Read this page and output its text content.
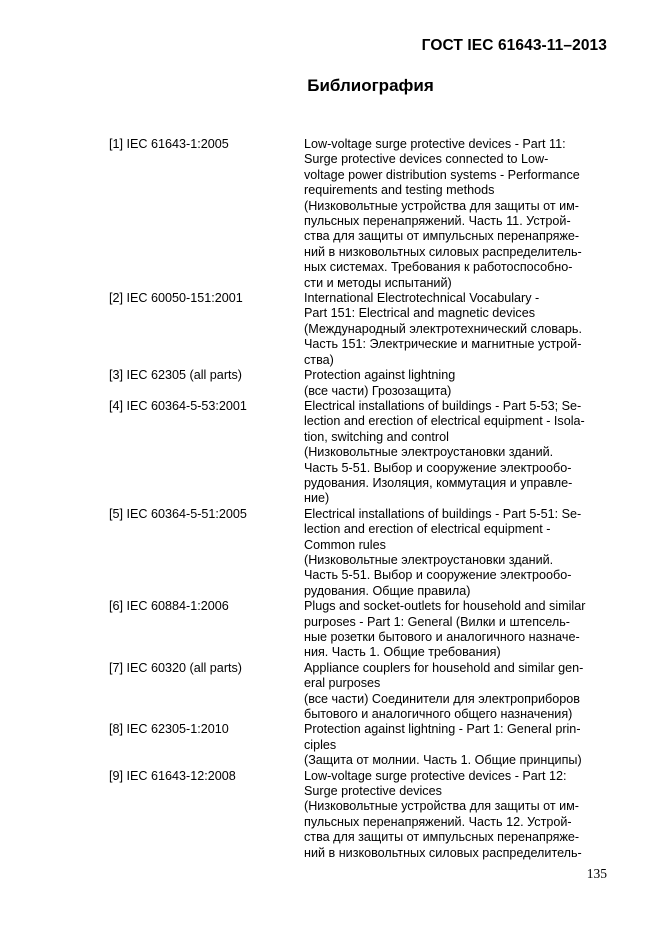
ГОСТ IEC 61643-11–2013
Библиография
[1] IEC 61643-1:2005	Low-voltage surge protective devices - Part 11:
Surge protective devices connected to Low-
voltage power distribution systems - Performance
requirements and testing methods
(Низковольтные устройства для защиты от им-
пульсных перенапряжений. Часть 11. Устрой-
ства для защиты от импульсных перенапряже-
ний в низковольтных силовых распределитель-
ных системах. Требования к работоспособно-
сти и методы испытаний)
[2] IEC 60050-151:2001	International Electrotechnical Vocabulary -
Part 151: Electrical and magnetic devices
(Международный электротехнический словарь.
Часть 151: Электрические и магнитные устрой-
ства)
[3] IEC 62305 (all parts)	Protection against lightning
(все части) Грозозащита)
[4] IEC 60364-5-53:2001	Electrical installations of buildings - Part 5-53; Se-
lection and erection of electrical equipment - Isola-
tion, switching and control
(Низковольтные электроустановки зданий.
Часть 5-51. Выбор и сооружение электрообо-
рудования. Изоляция, коммутация и управле-
ние)
[5] IEC 60364-5-51:2005	Electrical installations of buildings - Part 5-51: Se-
lection and erection of electrical equipment -
Common rules
(Низковольтные электроустановки зданий.
Часть 5-51. Выбор и сооружение электрообо-
рудования. Общие правила)
[6] IEC 60884-1:2006	Plugs and socket-outlets for household and similar
purposes - Part 1: General (Вилки и штепсель-
ные розетки бытового и аналогичного назначе-
ния. Часть 1. Общие требования)
[7] IEC 60320 (all parts)	Appliance couplers for household and similar gen-
eral purposes
(все части) Соединители для электроприборов
бытового и аналогичного общего назначения)
[8] IEC 62305-1:2010	Protection against lightning - Part 1: General prin-
ciples
(Защита от молнии. Часть 1. Общие принципы)
[9] IEC 61643-12:2008	Low-voltage surge protective devices - Part 12:
Surge protective devices
(Низковольтные устройства для защиты от им-
пульсных перенапряжений. Часть 12. Устрой-
ства для защиты от импульсных перенапряже-
ний в низковольтных силовых распределитель-
135
